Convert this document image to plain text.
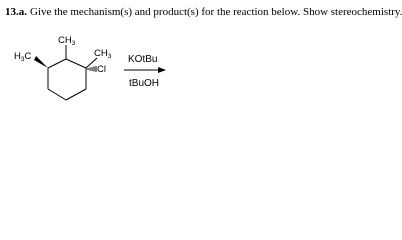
13.a. Give the mechanism(s) and product(s) for the reaction below. Show stereochemistry.
$H_3C$
$CH_3$
$CH_3$
Cl
KOtBu
tBuOH
